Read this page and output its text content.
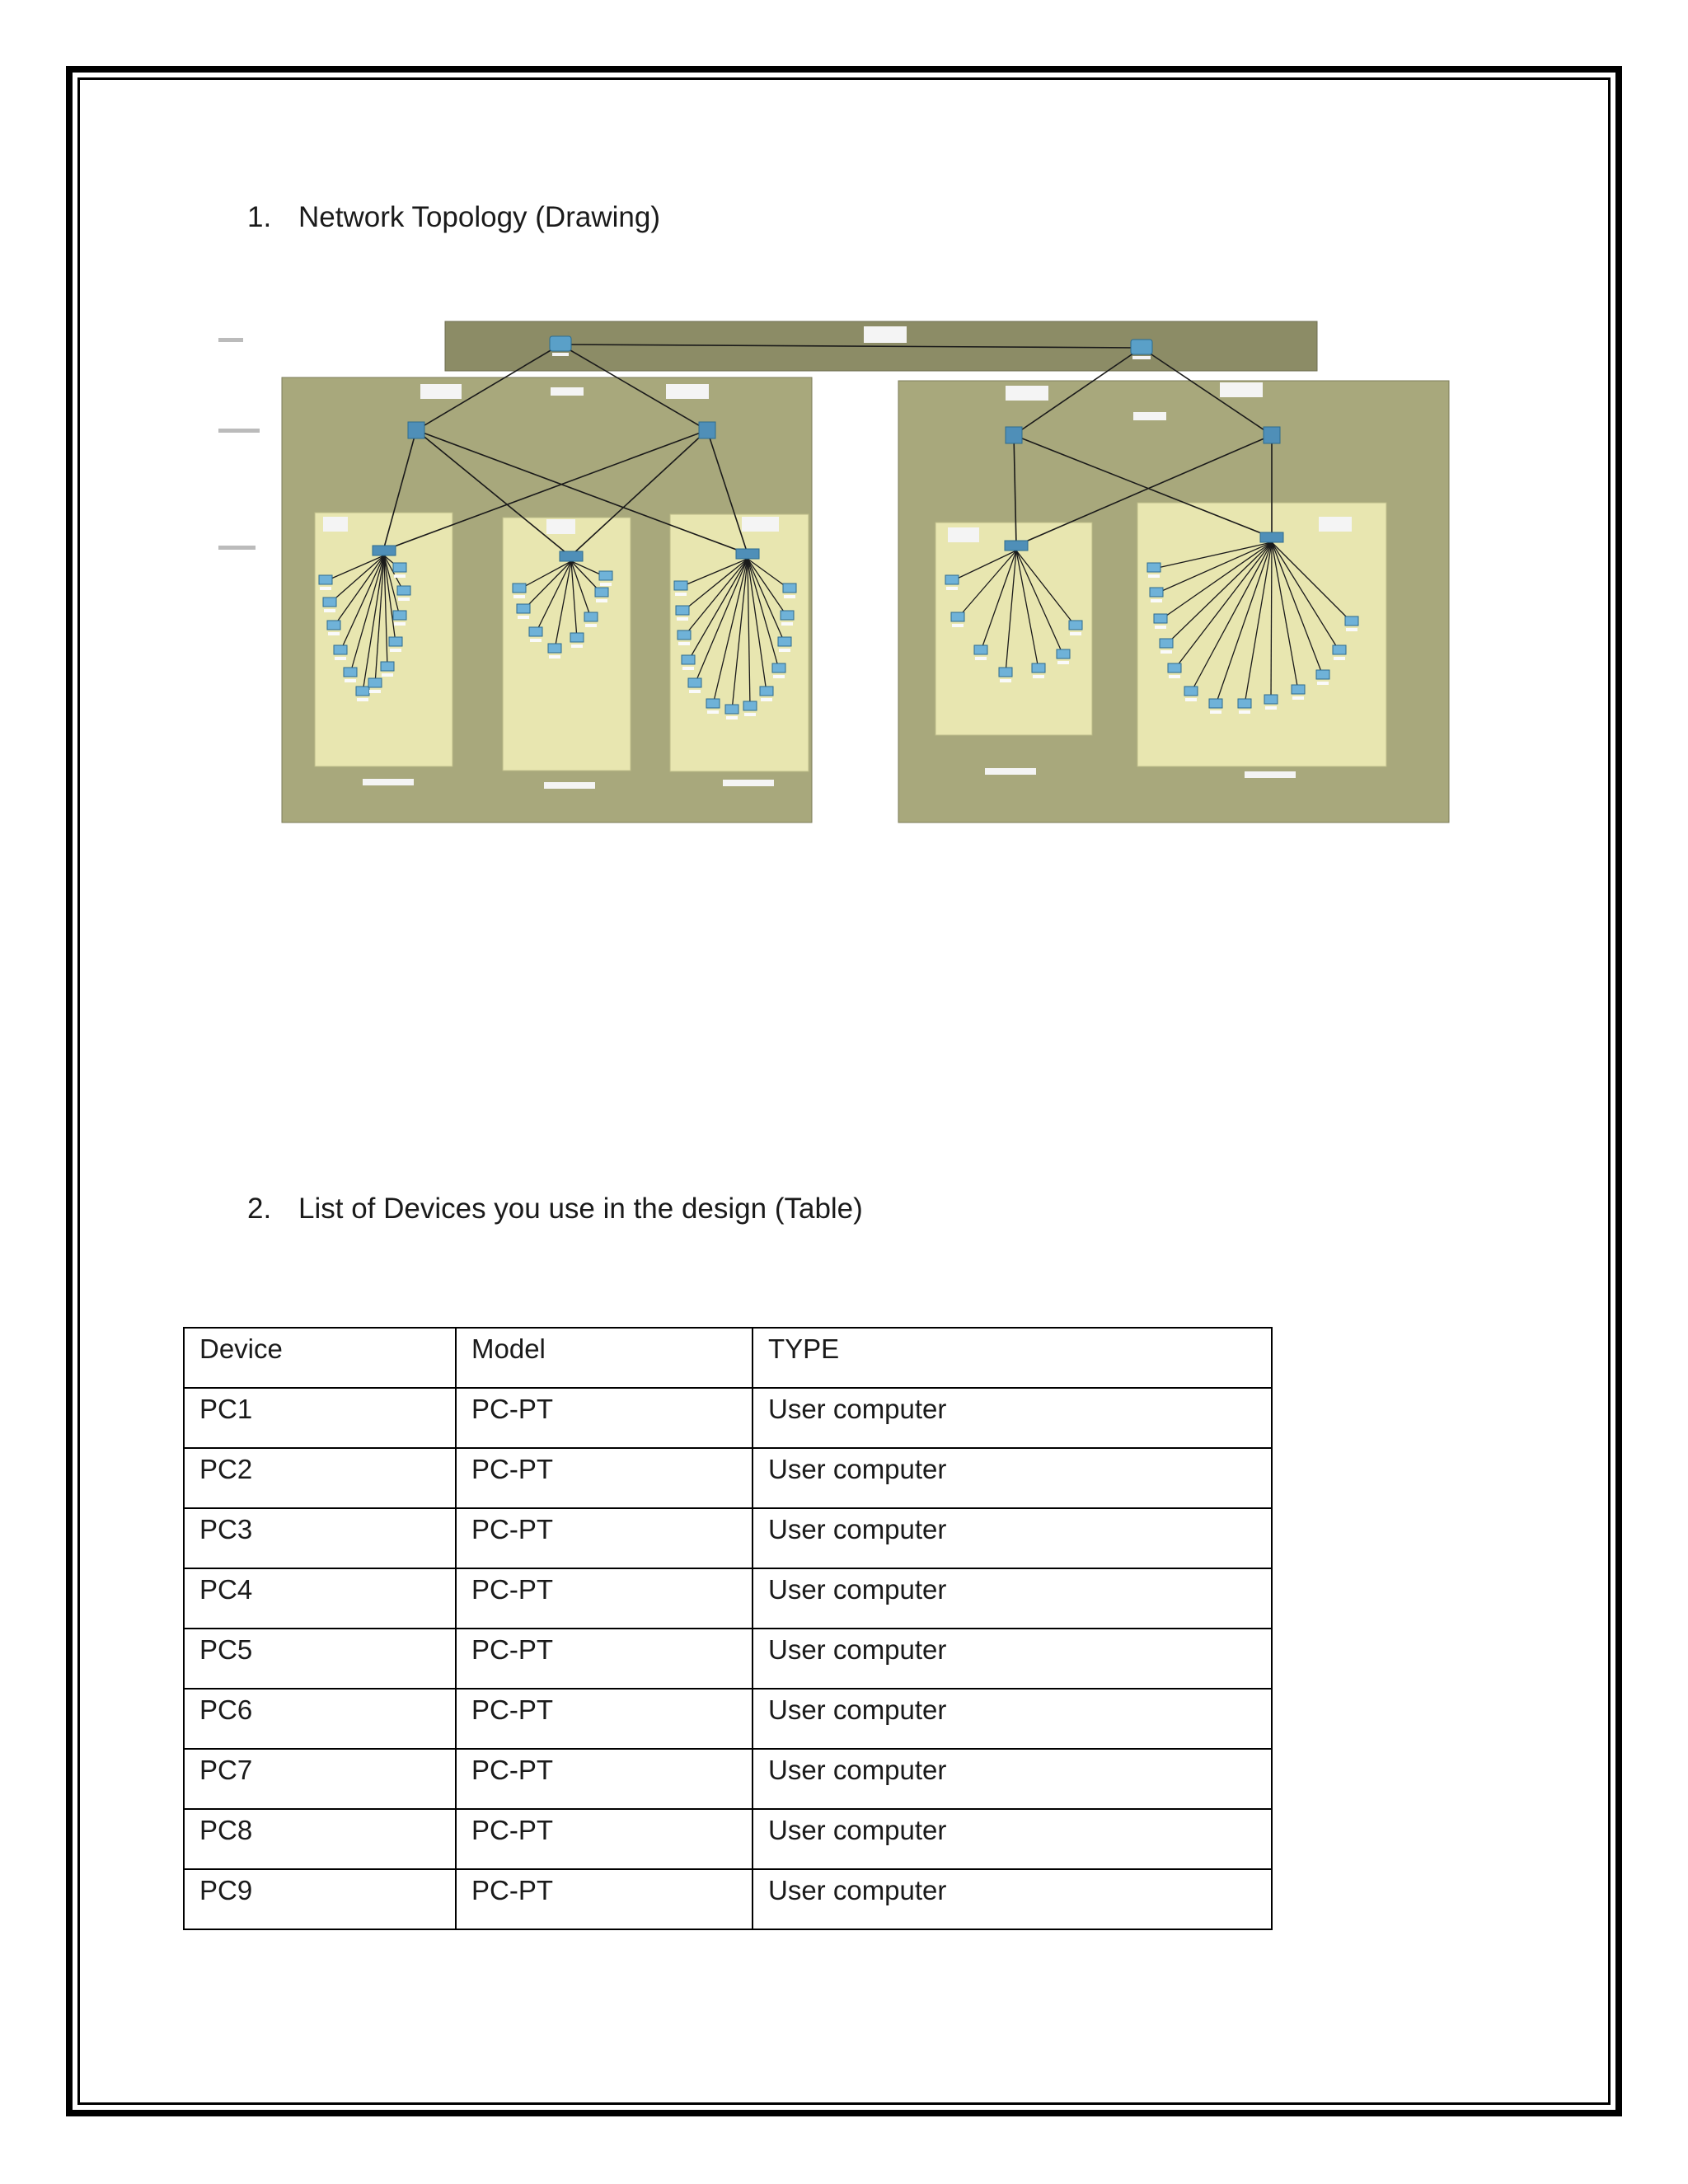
1. Network Topology (Drawing)
2. List of Devices you use in the design (Table)
Device	Model	TYPE
PC1	PC-PT	User computer
PC2	PC-PT	User computer
PC3	PC-PT	User computer
PC4	PC-PT	User computer
PC5	PC-PT	User computer
PC6	PC-PT	User computer
PC7	PC-PT	User computer
PC8	PC-PT	User computer
PC9	PC-PT	User computer
